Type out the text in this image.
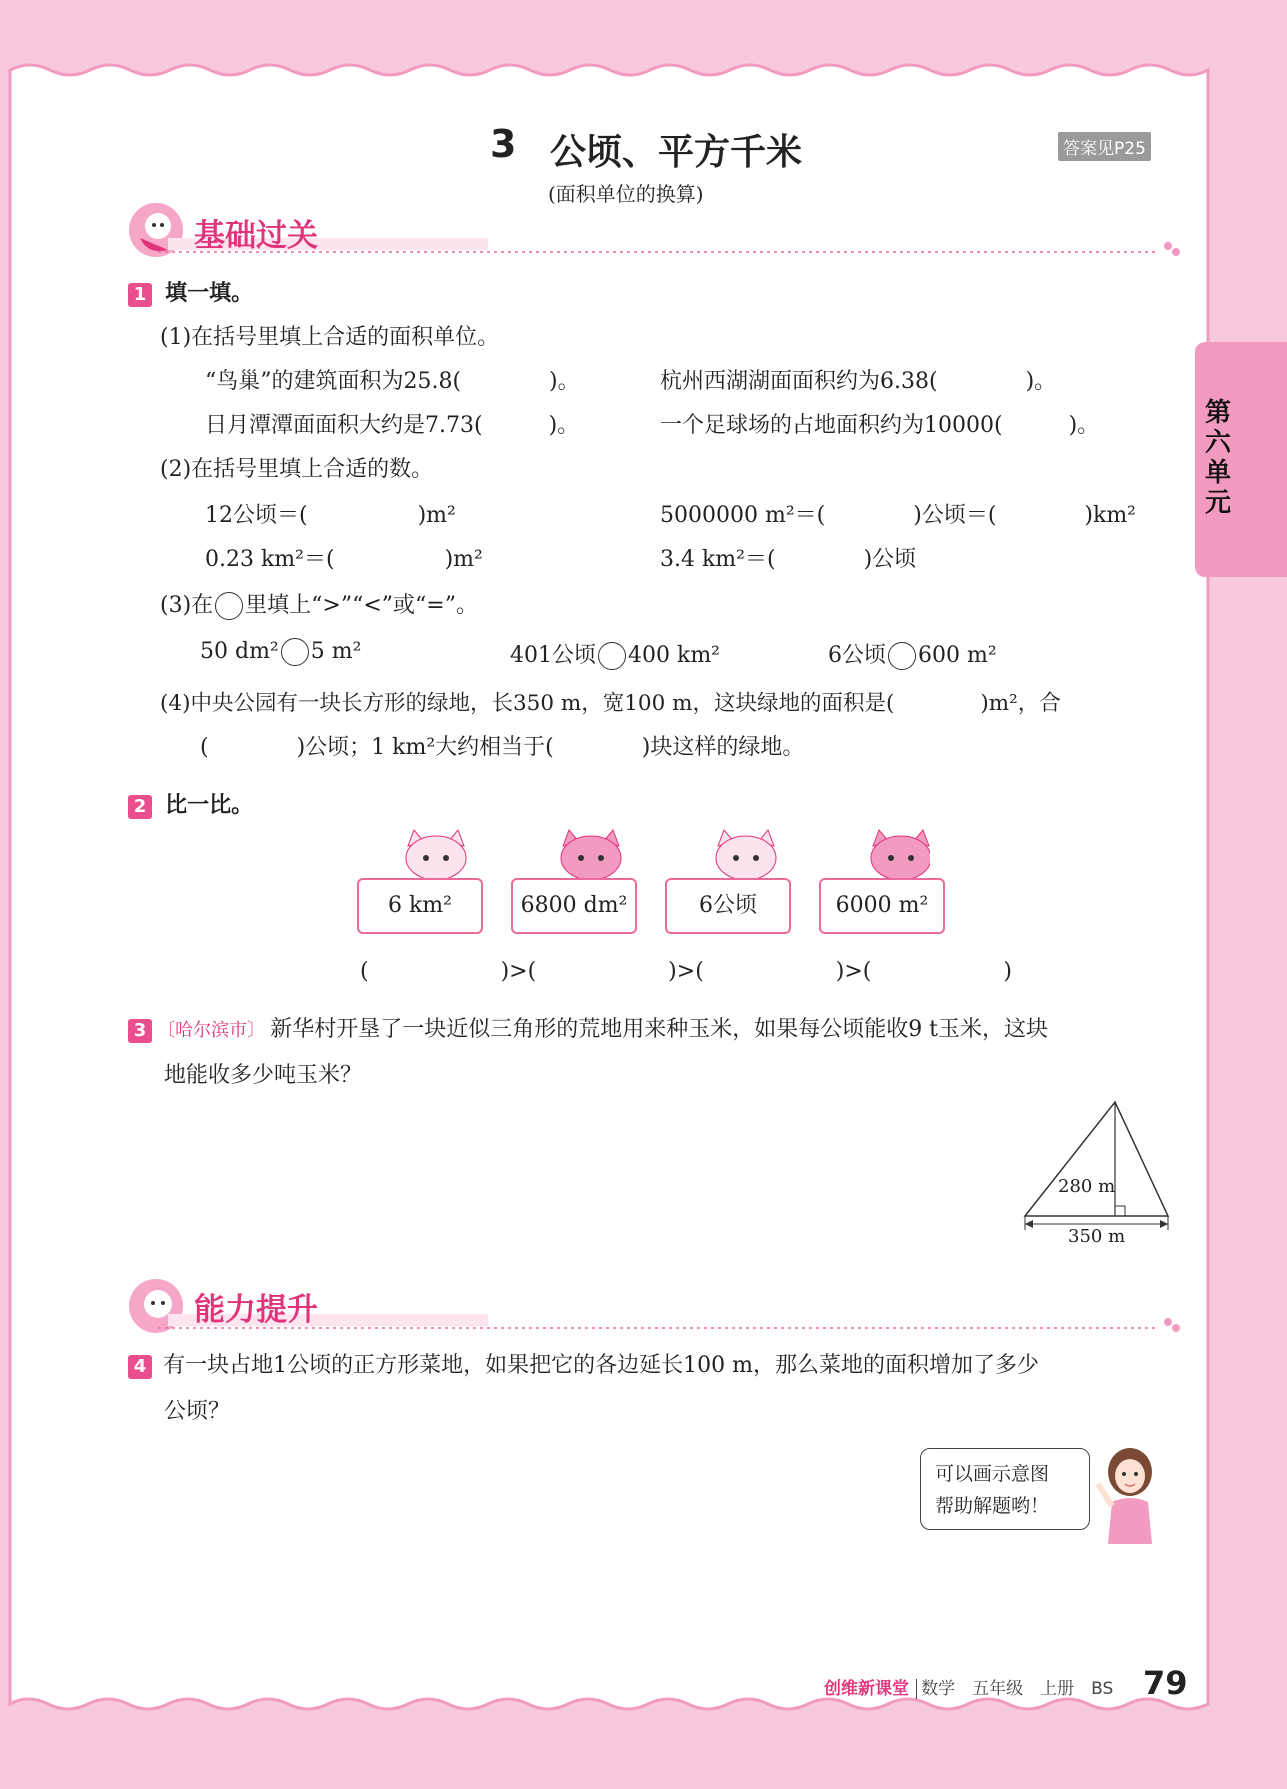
第六单元
3 公顷、平方千米
(面积单位的换算)
答案见P25
基础过关
1 填一填。
(1)在括号里填上合适的面积单位。
“鸟巢”的建筑面积为25.8(　　　　)。	杭州西湖湖面面积约为6.38(　　　　)。
日月潭潭面面积大约是7.73(　　　)。	一个足球场的占地面积约为10000(　　　)。
(2)在括号里填上合适的数。
12公顷＝(　　　　　)m²	5000000 m²＝(　　　　)公顷＝(　　　　)km²
0.23 km²＝(　　　　　)m²	3.4 km²＝(　　　　)公顷
(3)在 里填上“>”“<”或“=”。
50 dm² 5 m²	401公顷 400 km²	6公顷 600 m²
(4)中央公园有一块长方形的绿地，长350 m，宽100 m，这块绿地的面积是(　　　　)m²，合
(　　　　)公顷；1 km²大约相当于(　　　　)块这样的绿地。
2 比一比。
6 km²	6800 dm²	6公顷	6000 m²
(　　　　　　)>(　　　　　　)>(　　　　　　)>(　　　　　　)
3 〔哈尔滨市〕 新华村开垦了一块近似三角形的荒地用来种玉米，如果每公顷能收9 t玉米，这块
地能收多少吨玉米？
280 m
350 m
能力提升
4 有一块占地1公顷的正方形菜地，如果把它的各边延长100 m，那么菜地的面积增加了多少
公顷？
可以画示意图
帮助解题哟！
创维新课堂 数学　五年级　上册　BS 79
